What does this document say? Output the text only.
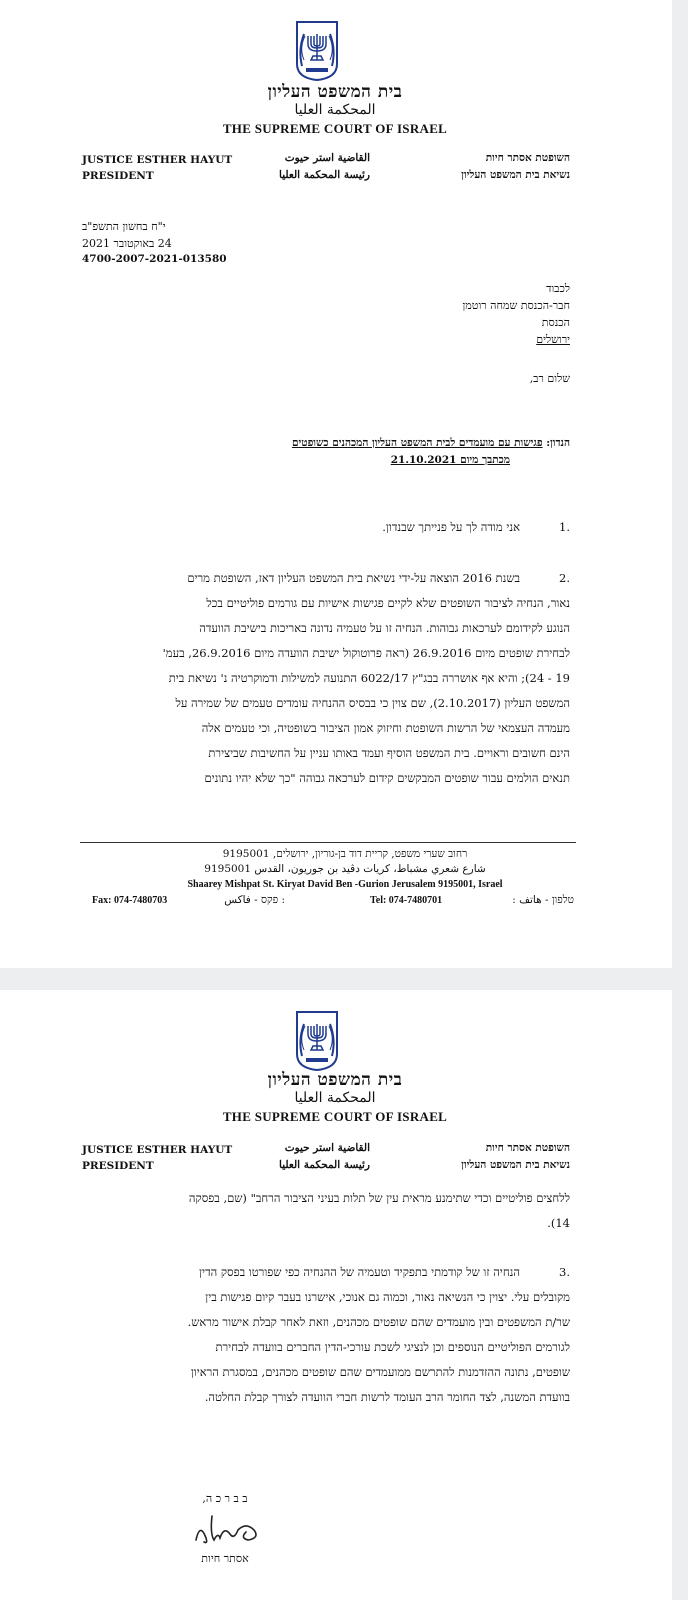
בית המשפט העליון
المحكمة العليا
THE SUPREME COURT OF ISRAEL
JUSTICE ESTHER HAYUT
PRESIDENT
القاضية استر حيوت
رئيسة المحكمة العليا
השופטת אסתר חיות
נשיאת בית המשפט העליון
י"ח בחשון התשפ"ב
24 באוקטובר 2021
4700-2007-2021-013580
לכבוד
חבר-הכנסת שמחה רוטמן
הכנסת
ירושלים
שלום רב,
הנדון: פגישות עם מועמדים לבית המשפט העליון המכהנים כשופטים
מכתבך מיום 21.10.2021
.1
אני מודה לך על פנייתך שבנדון.
.2
בשנת 2016 הוצאה על-ידי נשיאת בית המשפט העליון דאז, השופטת מרים
נאור, הנחיה לציבור השופטים שלא לקיים פגישות אישיות עם גורמים פוליטיים בכל
הנוגע לקידומם לערכאות גבוהות. הנחיה זו על טעמיה נדונה באריכות בישיבת הוועדה
לבחירת שופטים מיום 26.9.2016 (ראה פרוטוקול ישיבת הוועדה מיום 26.9.2016, בעמ'
19 - 24); והיא אף אושררה בבג"ץ 6022/17 התנועה למשילות ודמוקרטיה נ' נשיאת בית
המשפט העליון (2.10.2017), שם צוין כי בבסיס ההנחיה עומדים טעמים של שמירה על
מעמדה העצמאי של הרשות השופטת וחיזוק אמון הציבור בשופטיה, וכי טעמים אלה
הינם חשובים וראויים. בית המשפט הוסיף ועמד באותו עניין על החשיבות שביצירת
תנאים הולמים עבור שופטים המבקשים קידום לערכאה גבוהה "כך שלא יהיו נתונים
רחוב שערי משפט, קריית דוד בן-גוריון, ירושלים, 9195001
شارع شعري مشباط، كريات دڤيد بن جوريون، القدس 9195001
Shaarey Mishpat St. Kiryat David Ben -Gurion Jerusalem 9195001, Israel
Fax: 074-7480703	: פקס - فاكس	Tel: 074-7480701	טלפון - هاتف :
בית המשפט העליון
المحكمة العليا
THE SUPREME COURT OF ISRAEL
JUSTICE ESTHER HAYUT
PRESIDENT
القاضية استر حيوت
رئيسة المحكمة العليا
השופטת אסתר חיות
נשיאת בית המשפט העליון
ללחצים פוליטיים וכדי שתימנע מראית עין של תלות בעיני הציבור הרחב" (שם, בפסקה
14).
.3
הנחיה זו של קודמתי בתפקיד וטעמיה של ההנחיה כפי שפורטו בפסק הדין
מקובלים עלי. יצוין כי הנשיאה נאור, וכמוה גם אנוכי, אישרנו בעבר קיום פגישות בין
שר/ת המשפטים ובין מועמדים שהם שופטים מכהנים, וזאת לאחר קבלת אישור מראש.
לגורמים הפוליטיים הנוספים וכן לנציגי לשכת עורכי-הדין החברים בוועדה לבחירת
שופטים, נתונה ההזדמנות להתרשם ממועמדים שהם שופטים מכהנים, במסגרת הראיון
בוועדת המשנה, לצד החומר הרב העומד לרשות חברי הוועדה לצורך קבלת החלטה.
ב ב ר כ ה,
אסתר חיות
